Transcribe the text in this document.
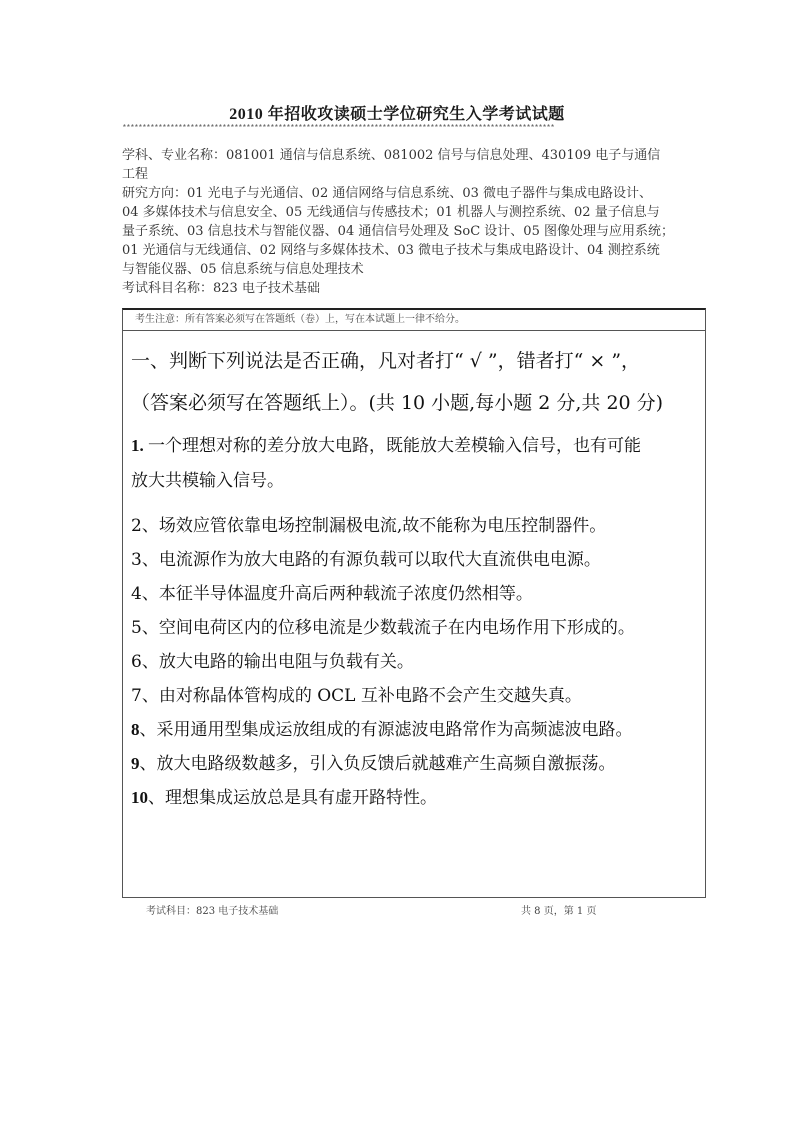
2010 年招收攻读硕士学位研究生入学考试试题
************************************************************************************************************

学科、专业名称：081001 通信与信息系统、081002 信号与信息处理、430109 电子与通信

工程

研究方向：01 光电子与光通信、02 通信网络与信息系统、03 微电子器件与集成电路设计、

04 多媒体技术与信息安全、05 无线通信与传感技术；01 机器人与测控系统、02 量子信息与

量子系统、03 信息技术与智能仪器、04 通信信号处理及 SoC 设计、05 图像处理与应用系统；

01 光通信与无线通信、02 网络与多媒体技术、03 微电子技术与集成电路设计、04 测控系统

与智能仪器、05 信息系统与信息处理技术

考试科目名称：823 电子技术基础

考生注意：所有答案必须写在答题纸（卷）上，写在本试题上一律不给分。
一、判断下列说法是否正确，凡对者打“ √ ”，错者打“ × ”，
（答案必须写在答题纸上）。(共 10 小题,每小题 2 分,共 20 分)
1. 一个理想对称的差分放大电路，既能放大差模输入信号，也有可能
放大共模输入信号。
2、场效应管依靠电场控制漏极电流,故不能称为电压控制器件。
3、电流源作为放大电路的有源负载可以取代大直流供电电源。
4、本征半导体温度升高后两种载流子浓度仍然相等。
5、空间电荷区内的位移电流是少数载流子在内电场作用下形成的。
6、放大电路的输出电阻与负载有关。
7、由对称晶体管构成的 OCL 互补电路不会产生交越失真。
8、采用通用型集成运放组成的有源滤波电路常作为高频滤波电路。
9、放大电路级数越多，引入负反馈后就越难产生高频自激振荡。
10、理想集成运放总是具有虚开路特性。
考试科目：823 电子技术基础	共 8 页，第 1 页
